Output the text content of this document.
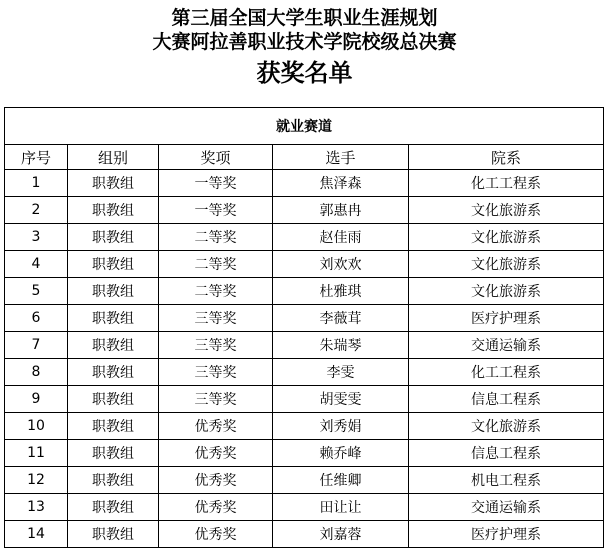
第三届全国大学生职业生涯规划
大赛阿拉善职业技术学院校级总决赛
获奖名单
就业赛道				
序号	组别	奖项	选手	院系
1	职教组	一等奖	焦泽森	化工工程系
2	职教组	一等奖	郭惠冉	文化旅游系
3	职教组	二等奖	赵佳雨	文化旅游系
4	职教组	二等奖	刘欢欢	文化旅游系
5	职教组	二等奖	杜雅琪	文化旅游系
6	职教组	三等奖	李薇茸	医疗护理系
7	职教组	三等奖	朱瑞琴	交通运输系
8	职教组	三等奖	李雯	化工工程系
9	职教组	三等奖	胡雯雯	信息工程系
10	职教组	优秀奖	刘秀娟	文化旅游系
11	职教组	优秀奖	赖乔峰	信息工程系
12	职教组	优秀奖	任维卿	机电工程系
13	职教组	优秀奖	田让让	交通运输系
14	职教组	优秀奖	刘嘉蓉	医疗护理系
